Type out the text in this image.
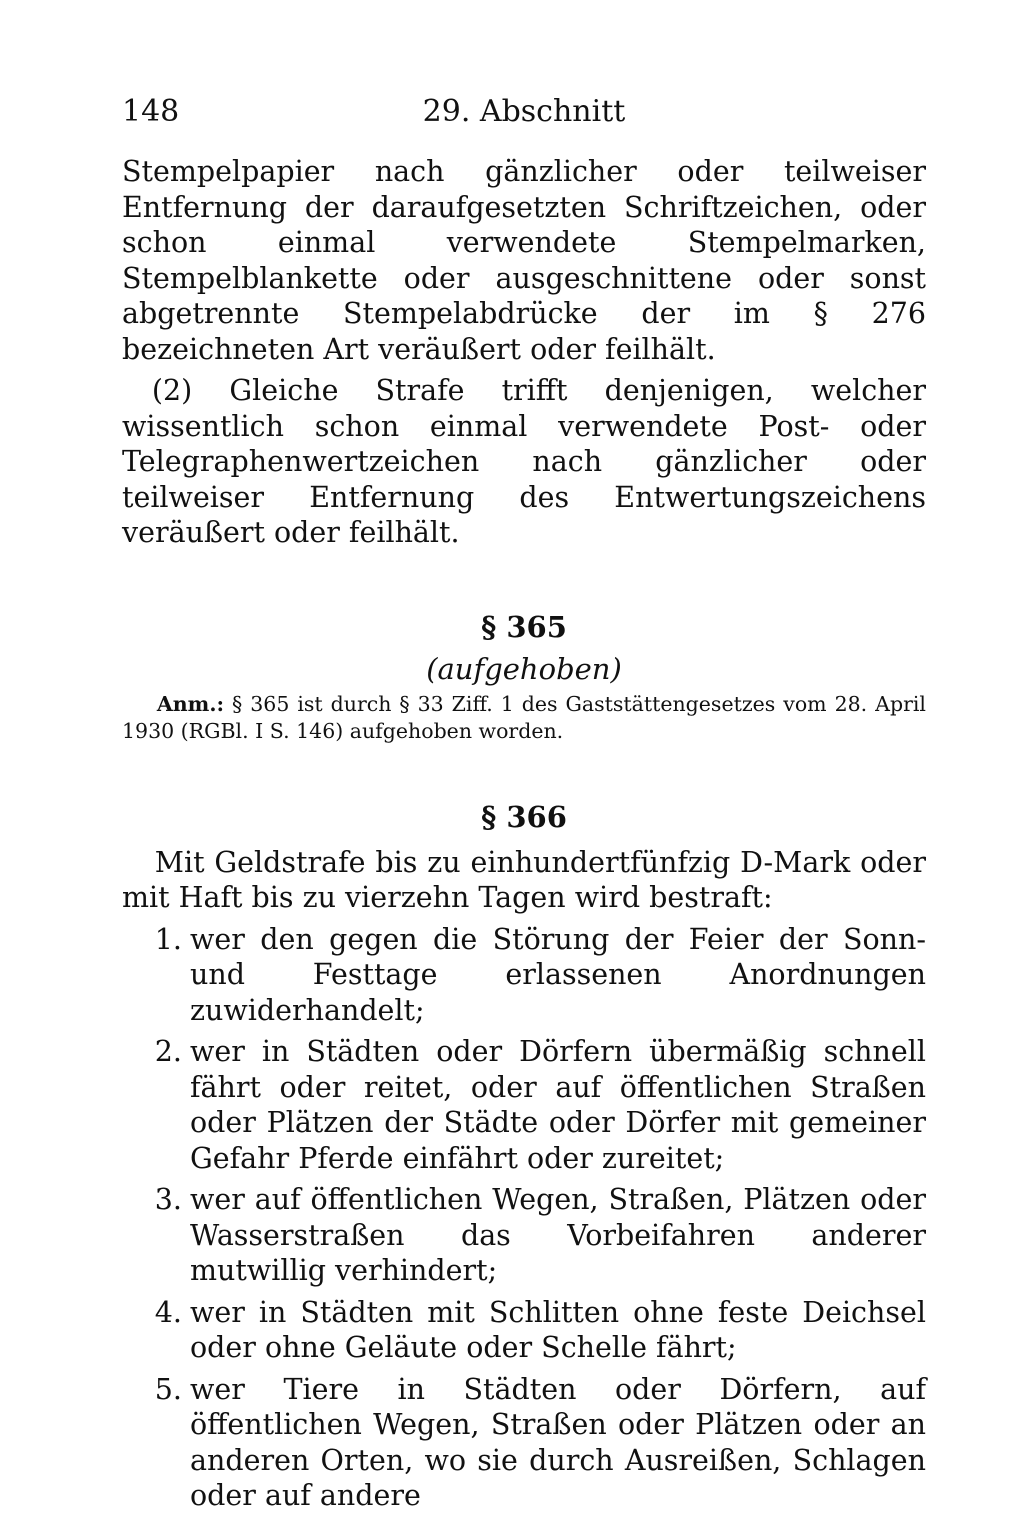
148	29. Abschnitt

Stempelpapier nach gänzlicher oder teilweiser Entfernung der daraufgesetzten Schriftzeichen, oder schon einmal verwendete Stempelmarken, Stempelblankette oder ausgeschnittene oder sonst abgetrennte Stempelabdrücke der im § 276 bezeichneten Art veräußert oder feilhält.

(2) Gleiche Strafe trifft denjenigen, welcher wissentlich schon einmal verwendete Post- oder Telegraphenwertzeichen nach gänzlicher oder teilweiser Entfernung des Entwertungszeichens veräußert oder feilhält.

§ 365
(aufgehoben)
Anm.: § 365 ist durch § 33 Ziff. 1 des Gaststättengesetzes vom 28. April 1930 (RGBl. I S. 146) aufgehoben worden.
§ 366
Mit Geldstrafe bis zu einhundertfünfzig D-Mark oder mit Haft bis zu vierzehn Tagen wird bestraft:
1. wer den gegen die Störung der Feier der Sonn- und Festtage erlassenen Anordnungen zuwiderhandelt;
2. wer in Städten oder Dörfern übermäßig schnell fährt oder reitet, oder auf öffentlichen Straßen oder Plätzen der Städte oder Dörfer mit gemeiner Gefahr Pferde einfährt oder zureitet;
3. wer auf öffentlichen Wegen, Straßen, Plätzen oder Wasserstraßen das Vorbeifahren anderer mutwillig verhindert;
4. wer in Städten mit Schlitten ohne feste Deichsel oder ohne Geläute oder Schelle fährt;
5. wer Tiere in Städten oder Dörfern, auf öffentlichen Wegen, Straßen oder Plätzen oder an anderen Orten, wo sie durch Ausreißen, Schlagen oder auf andere
